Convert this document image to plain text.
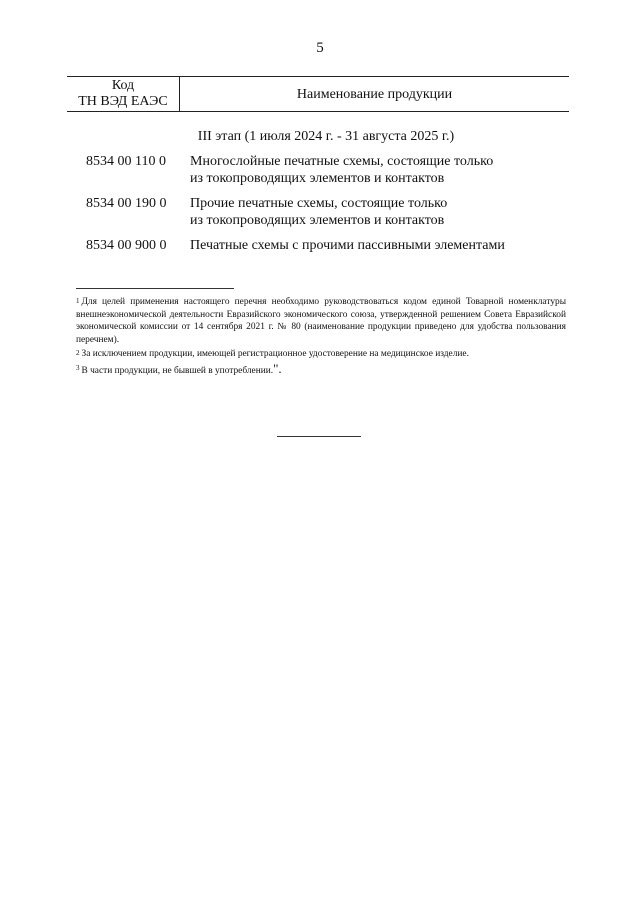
5
Код
ТН ВЭД ЕАЭС	Наименование продукции
III этап (1 июля 2024 г. - 31 августа 2025 г.)
8534 00 110 0	Многослойные печатные схемы, состоящие только
из токопроводящих элементов и контактов
8534 00 190 0	Прочие печатные схемы, состоящие только
из токопроводящих элементов и контактов
8534 00 900 0	Печатные схемы с прочими пассивными элементами

$^1$ Для целей применения настоящего перечня необходимо руководствоваться кодом единой Товарной номенклатуры внешнеэкономической деятельности Евразийского экономического союза, утвержденной решением Совета Евразийской экономической комиссии от 14 сентября 2021 г. № 80 (наименование продукции приведено для удобства пользования перечнем).

$^2$ За исключением продукции, имеющей регистрационное удостоверение на медицинское изделие.

$^3$ В части продукции, не бывшей в употреблении.".
